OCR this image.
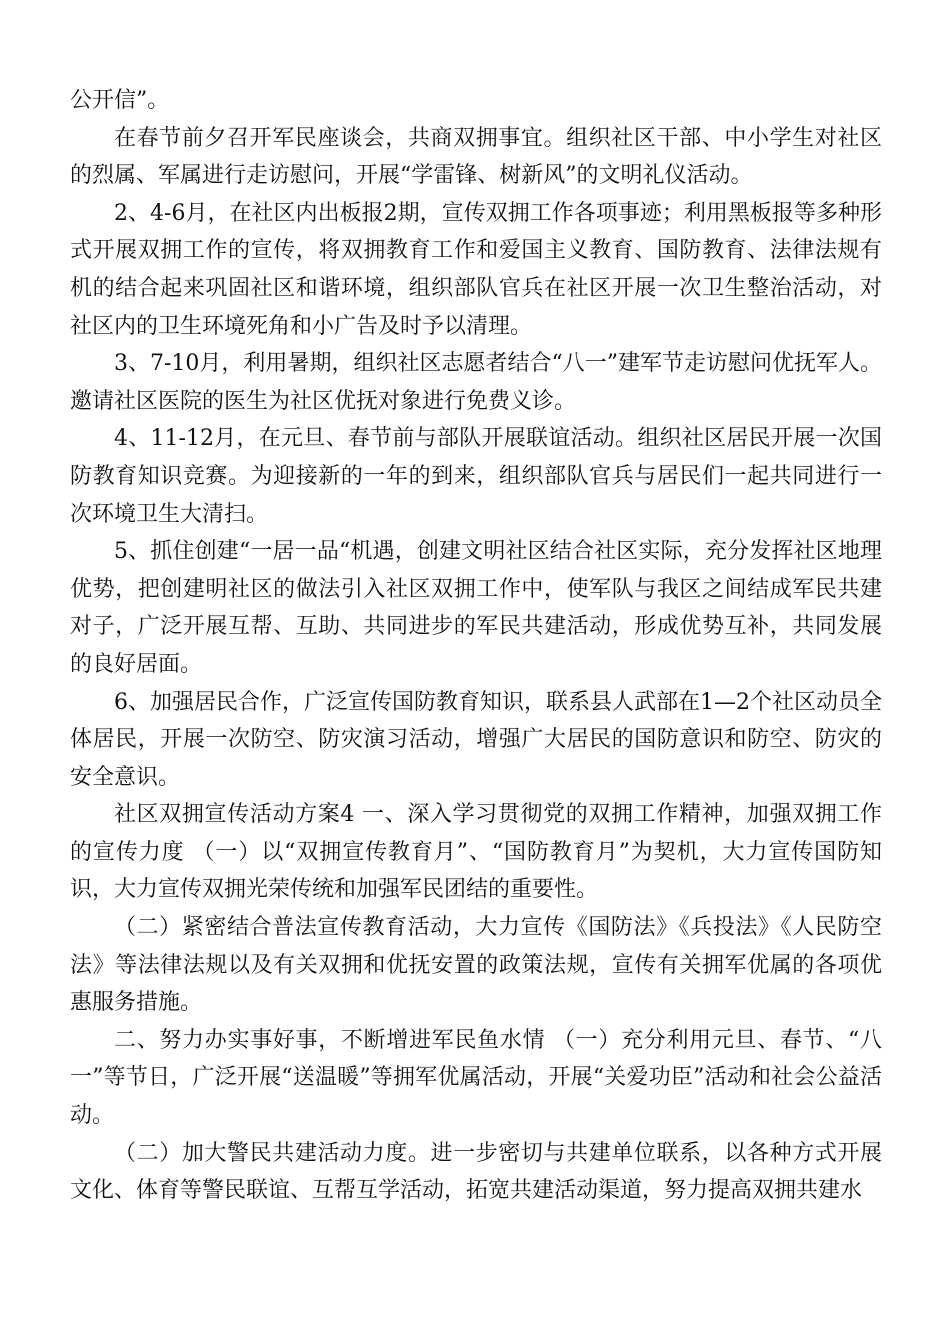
公开信”。

在春节前夕召开军民座谈会，共商双拥事宜。组织社区干部、中小学生对社区的烈属、军属进行走访慰问，开展“学雷锋、树新风”的文明礼仪活动。

2、4-6月，在社区内出板报2期，宣传双拥工作各项事迹；利用黑板报等多种形式开展双拥工作的宣传，将双拥教育工作和爱国主义教育、国防教育、法律法规有机的结合起来巩固社区和谐环境，组织部队官兵在社区开展一次卫生整治活动，对社区内的卫生环境死角和小广告及时予以清理。

3、7-10月，利用暑期，组织社区志愿者结合“八一”建军节走访慰问优抚军人。邀请社区医院的医生为社区优抚对象进行免费义诊。

4、11-12月，在元旦、春节前与部队开展联谊活动。组织社区居民开展一次国防教育知识竞赛。为迎接新的一年的到来，组织部队官兵与居民们一起共同进行一次环境卫生大清扫。

5、抓住创建“一居一品“机遇，创建文明社区结合社区实际，充分发挥社区地理优势，把创建明社区的做法引入社区双拥工作中，使军队与我区之间结成军民共建对子，广泛开展互帮、互助、共同进步的军民共建活动，形成优势互补，共同发展的良好居面。

6、加强居民合作，广泛宣传国防教育知识，联系县人武部在1—2个社区动员全体居民，开展一次防空、防灾演习活动，增强广大居民的国防意识和防空、防灾的安全意识。

社区双拥宣传活动方案4 一、深入学习贯彻党的双拥工作精神，加强双拥工作的宣传力度 （一）以“双拥宣传教育月”、“国防教育月”为契机，大力宣传国防知识，大力宣传双拥光荣传统和加强军民团结的重要性。

（二）紧密结合普法宣传教育活动，大力宣传《国防法》《兵投法》《人民防空法》等法律法规以及有关双拥和优抚安置的政策法规，宣传有关拥军优属的各项优惠服务措施。

二、努力办实事好事，不断增进军民鱼水情 （一）充分利用元旦、春节、“八一”等节日，广泛开展“送温暖”等拥军优属活动，开展“关爱功臣”活动和社会公益活动。

（二）加大警民共建活动力度。进一步密切与共建单位联系，以各种方式开展文化、体育等警民联谊、互帮互学活动，拓宽共建活动渠道，努力提高双拥共建水
